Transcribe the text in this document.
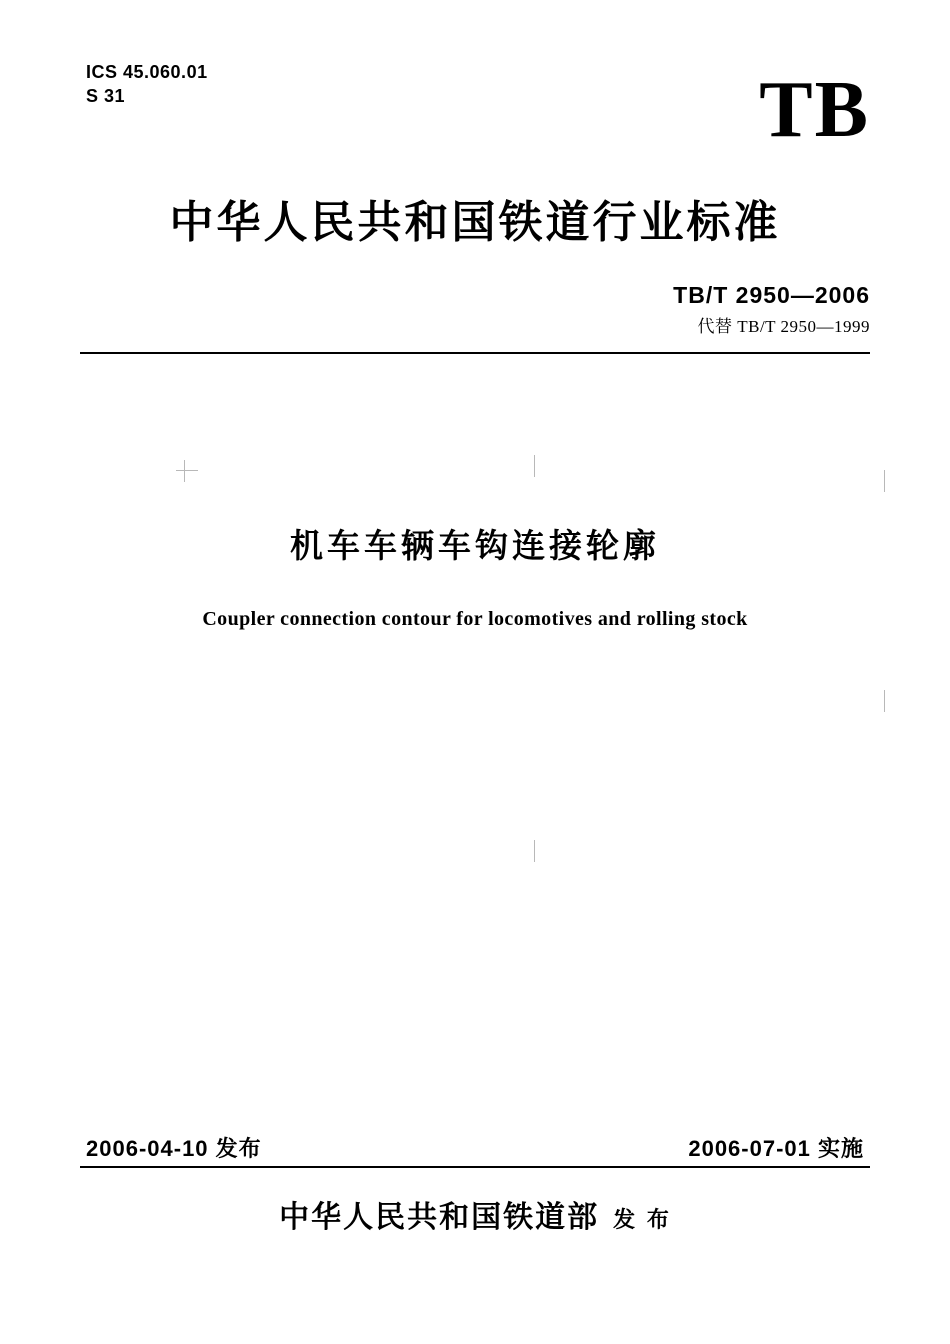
ICS 45.060.01
S 31	TB
中华人民共和国铁道行业标准
TB/T 2950—2006
代替 TB/T 2950—1999
机车车辆车钩连接轮廓
Coupler connection contour for locomotives and rolling stock
2006-04-10 发布	2006-07-01 实施
中华人民共和国铁道部 发 布
